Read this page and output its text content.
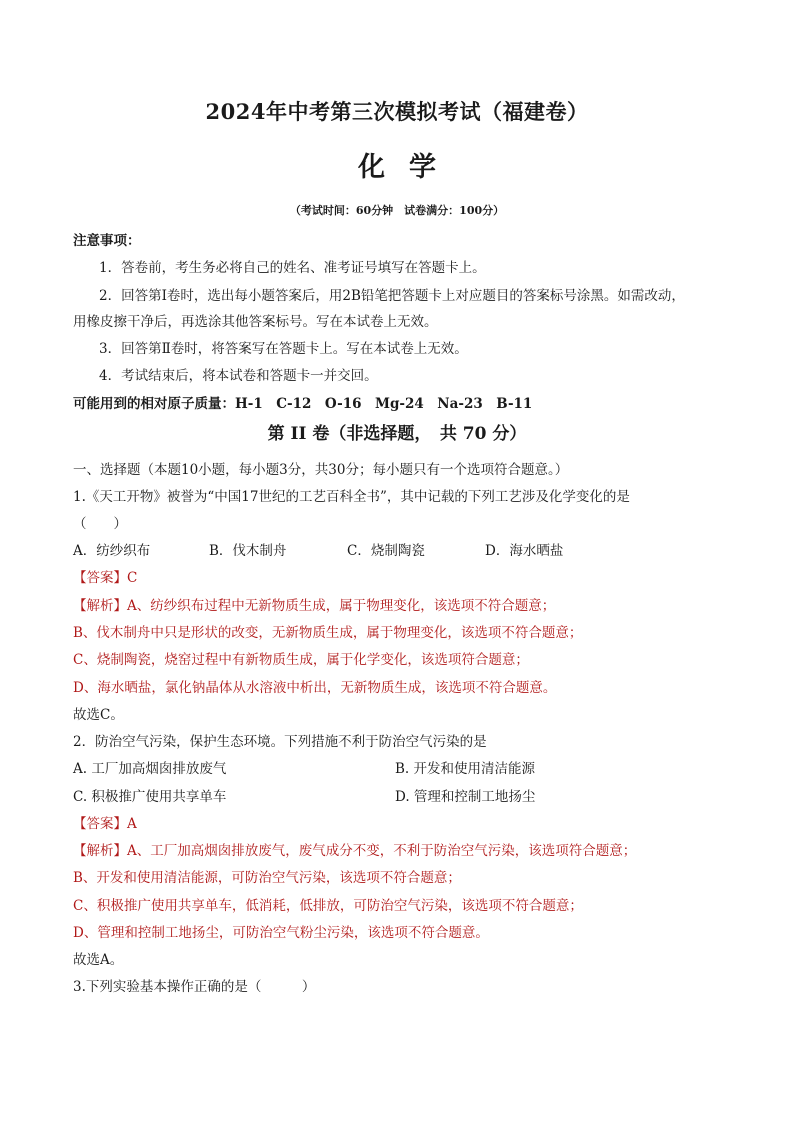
2024年中考第三次模拟考试（福建卷）
化学
（考试时间：60分钟　试卷满分：100分）
注意事项：
1．答卷前，考生务必将自己的姓名、准考证号填写在答题卡上。
2．回答第Ⅰ卷时，选出每小题答案后，用2B铅笔把答题卡上对应题目的答案标号涂黑。如需改动，
用橡皮擦干净后，再选涂其他答案标号。写在本试卷上无效。
3．回答第Ⅱ卷时，将答案写在答题卡上。写在本试卷上无效。
4．考试结束后，将本试卷和答题卡一并交回。
可能用到的相对原子质量：H-1　C-12　O-16　Mg-24　Na-23　B-11
第 II 卷（非选择题，　共 70 分）
一、选择题（本题10小题，每小题3分，共30分；每小题只有一个选项符合题意。）
1.《天工开物》被誉为“中国17世纪的工艺百科全书”，其中记载的下列工艺涉及化学变化的是
（　　）
A．纺纱织布	B．伐木制舟	C．烧制陶瓷	D．海水晒盐
【答案】C
【解析】A、纺纱织布过程中无新物质生成，属于物理变化，该选项不符合题意；
B、伐木制舟中只是形状的改变，无新物质生成，属于物理变化，该选项不符合题意；
C、烧制陶瓷，烧窑过程中有新物质生成，属于化学变化，该选项符合题意；
D、海水晒盐，氯化钠晶体从水溶液中析出，无新物质生成，该选项不符合题意。
故选C。
2．防治空气污染，保护生态环境。下列措施不利于防治空气污染的是
A. 工厂加高烟囱排放废气	B. 开发和使用清洁能源
C. 积极推广使用共享单车	D. 管理和控制工地扬尘
【答案】A
【解析】A、工厂加高烟囱排放废气，废气成分不变，不利于防治空气污染，该选项符合题意；
B、开发和使用清洁能源，可防治空气污染，该选项不符合题意；
C、积极推广使用共享单车，低消耗，低排放，可防治空气污染，该选项不符合题意；
D、管理和控制工地扬尘，可防治空气粉尘污染，该选项不符合题意。
故选A。
3.下列实验基本操作正确的是（　　　）
